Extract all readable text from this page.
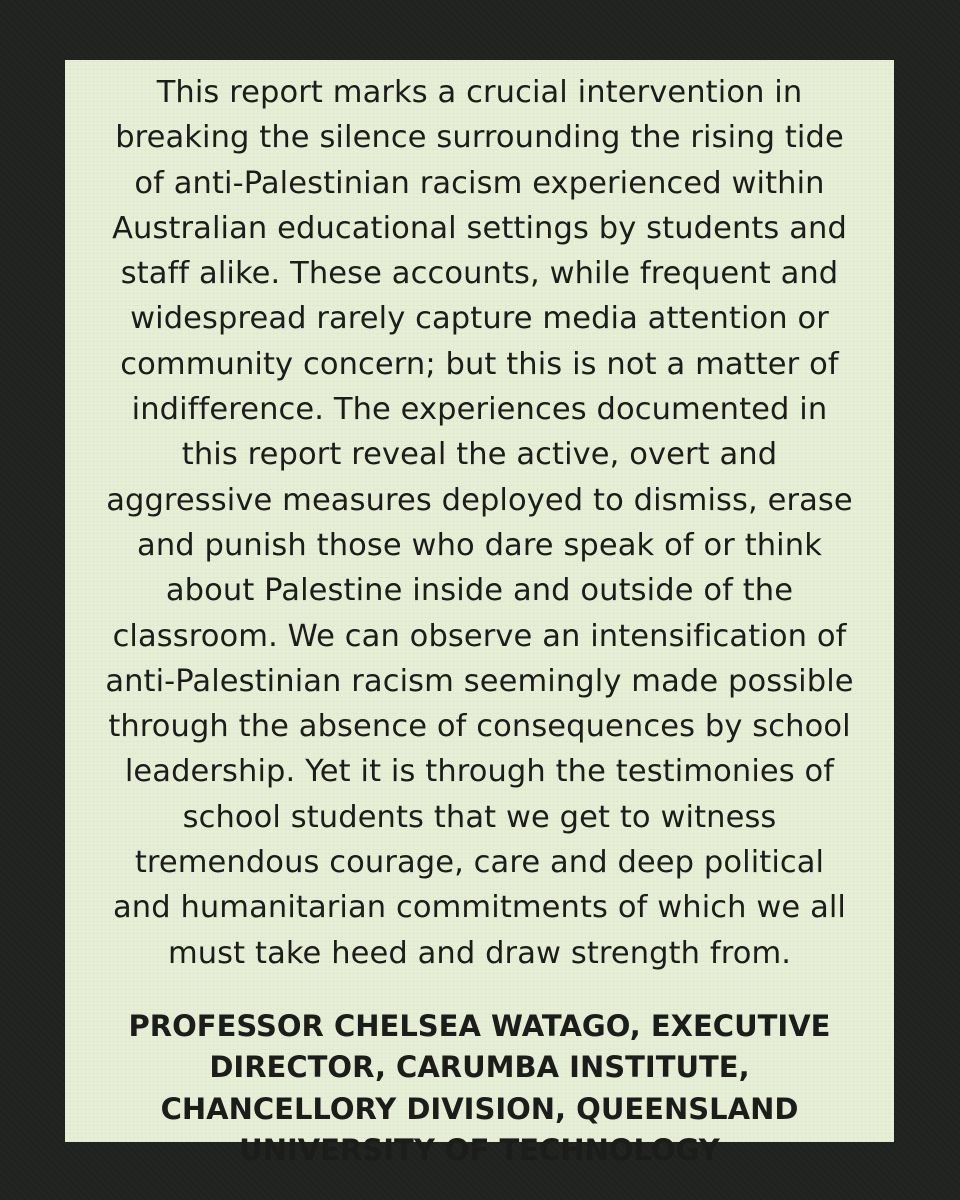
This report marks a crucial intervention in
breaking the silence surrounding the rising tide
of anti-Palestinian racism experienced within
Australian educational settings by students and
staff alike. These accounts, while frequent and
widespread rarely capture media attention or
community concern; but this is not a matter of
indifference. The experiences documented in
this report reveal the active, overt and
aggressive measures deployed to dismiss, erase
and punish those who dare speak of or think
about Palestine inside and outside of the
classroom. We can observe an intensification of
anti-Palestinian racism seemingly made possible
through the absence of consequences by school
leadership. Yet it is through the testimonies of
school students that we get to witness
tremendous courage, care and deep political
and humanitarian commitments of which we all
must take heed and draw strength from.

PROFESSOR CHELSEA WATAGO, EXECUTIVE
DIRECTOR, CARUMBA INSTITUTE,
CHANCELLORY DIVISION, QUEENSLAND
UNIVERSITY OF TECHNOLOGY
